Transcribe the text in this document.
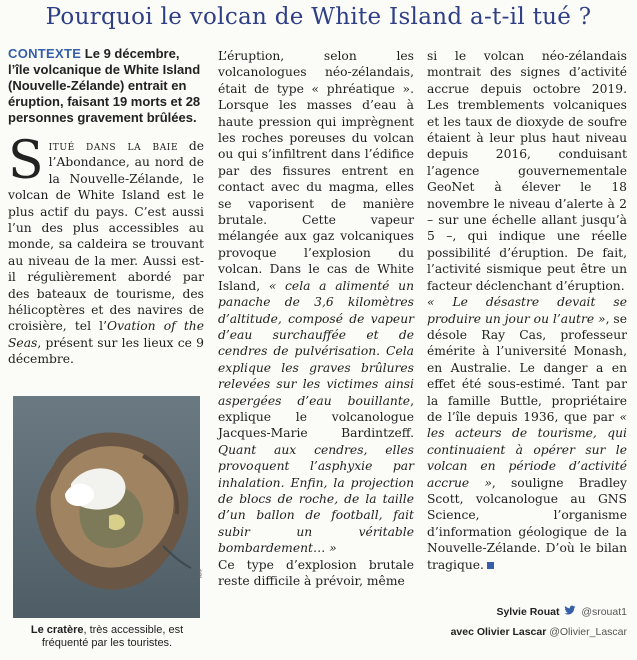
Pourquoi le volcan de White Island a-t-il tué ?

CONTEXTE Le 9 décembre, l’île volcanique de White Island (Nouvelle-Zélande) entrait en éruption, faisant 19 morts et 28 personnes gravement brûlées.

Situé dans la baie de l’Abondance, au nord de la Nouvelle-Zélande, le volcan de White Island est le plus actif du pays. C’est aussi l’un des plus accessibles au monde, sa caldeira se trouvant au niveau de la mer. Aussi est-il régulièrement abordé par des bateaux de tourisme, des hélicoptères et des navires de croisière, tel l’Ovation of the Seas, présent sur les lieux ce 9 décembre.

AFP
Le cratère, très accessible, est fréquenté par les touristes.

L’éruption, selon les volcanologues néo-zélandais, était de type « phréatique ». Lorsque les masses d’eau à haute pression qui imprègnent les roches poreuses du volcan ou qui s’infiltrent dans l’édifice par des fissures entrent en contact avec du magma, elles se vaporisent de manière brutale. Cette vapeur mélangée aux gaz volcaniques provoque l’explosion du volcan. Dans le cas de White Island, « cela a alimenté un panache de 3,6 kilomètres d’altitude, composé de vapeur d’eau surchauffée et de cendres de pulvérisation. Cela explique les graves brûlures relevées sur les victimes ainsi aspergées d’eau bouillante, explique le volcanologue Jacques-Marie Bardintzeff. Quant aux cendres, elles provoquent l’asphyxie par inhalation. Enfin, la projection de blocs de roche, de la taille d’un ballon de football, fait subir un véritable bombardement… »

Ce type d’explosion brutale reste difficile à prévoir, même

si le volcan néo-zélandais montrait des signes d’activité accrue depuis octobre 2019. Les tremblements volcaniques et les taux de dioxyde de soufre étaient à leur plus haut niveau depuis 2016, conduisant l’agence gouvernementale GeoNet à élever le 18 novembre le niveau d’alerte à 2 – sur une échelle allant jusqu’à 5 –, qui indique une réelle possibilité d’éruption. De fait, l’activité sismique peut être un facteur déclenchant d’éruption.

« Le désastre devait se produire un jour ou l’autre », se désole Ray Cas, professeur émérite à l’université Monash, en Australie. Le danger a en effet été sous-estimé. Tant par la famille Buttle, propriétaire de l’île depuis 1936, que par « les acteurs de tourisme, qui continuaient à opérer sur le volcan en période d’activité accrue », souligne Bradley Scott, volcanologue au GNS Science, l’organisme d’information géologique de la Nouvelle-Zélande. D’où le bilan tragique.

Sylvie Rouat @srouat1
avec Olivier Lascar @Olivier_Lascar
